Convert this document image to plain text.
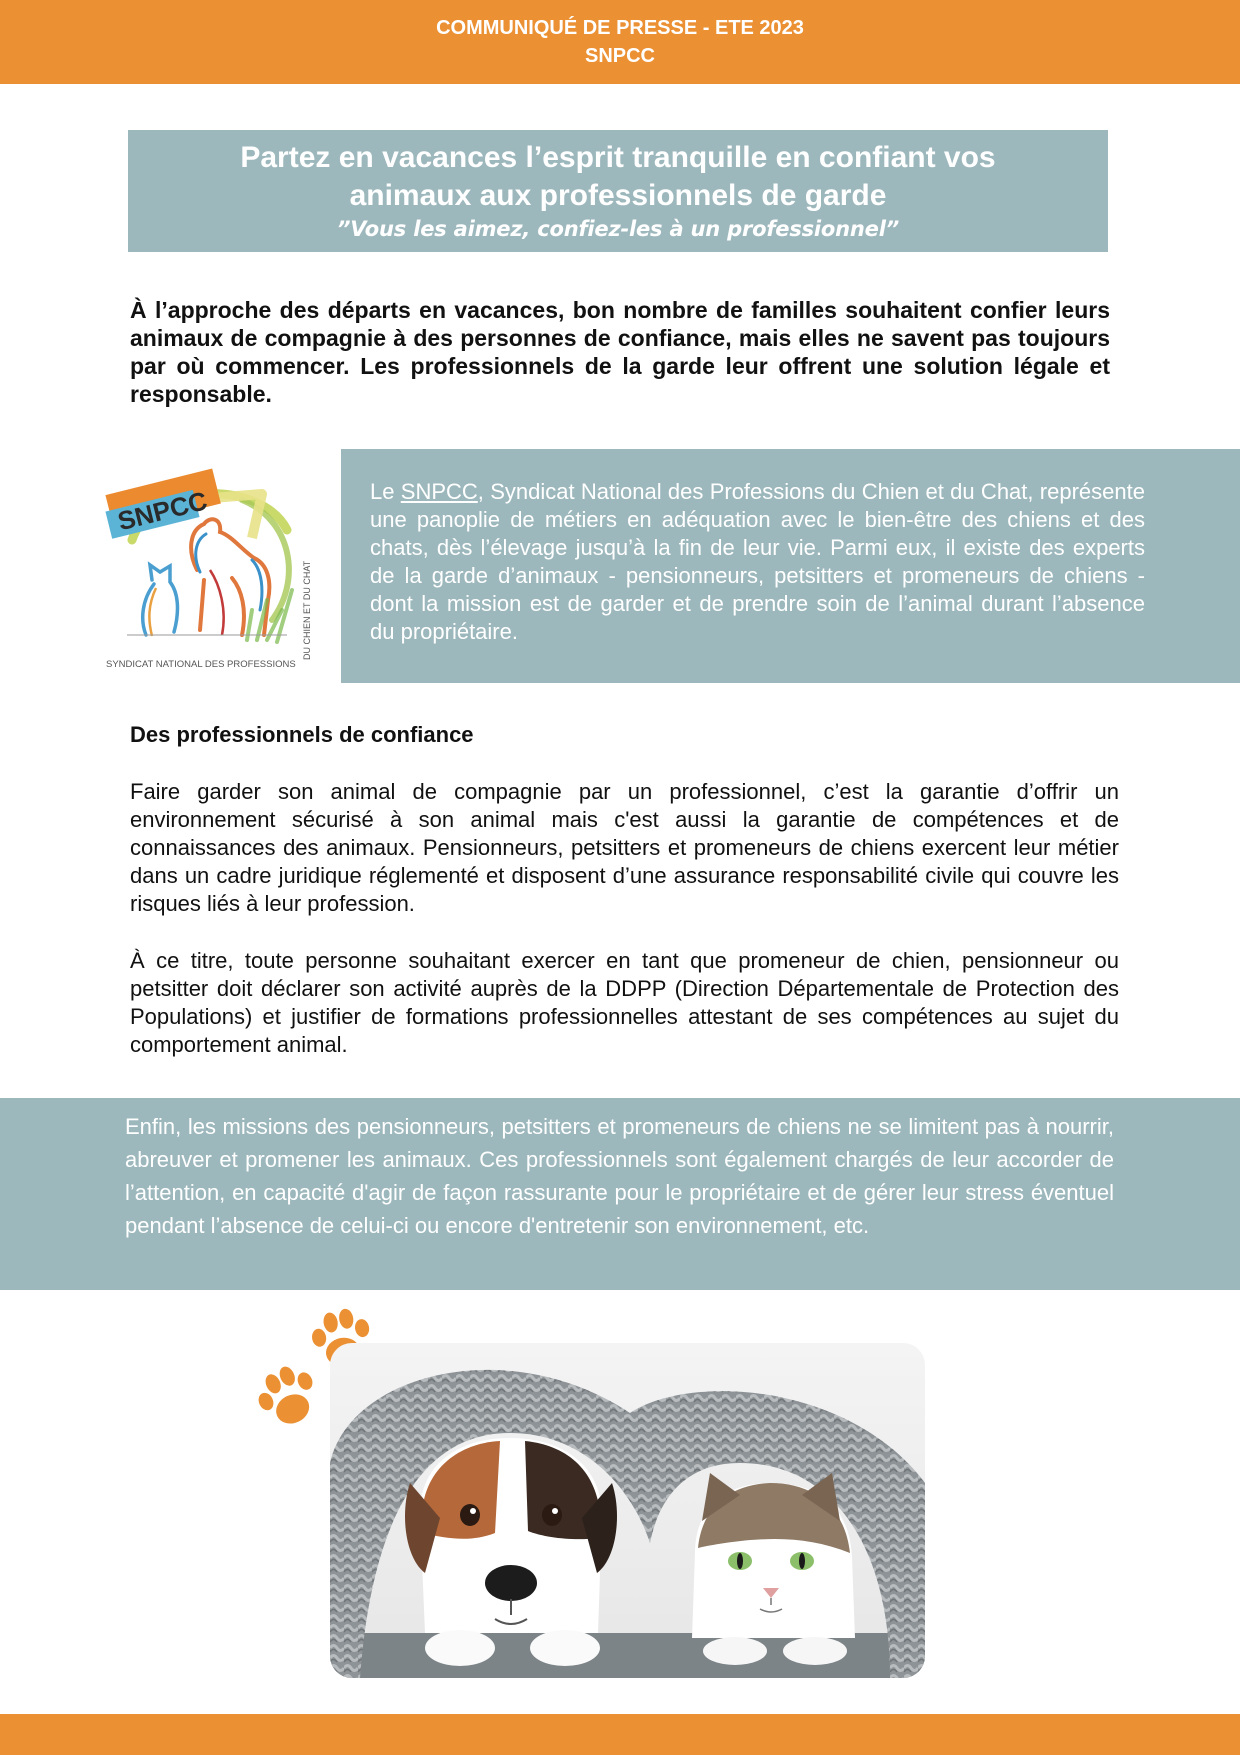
COMMUNIQUÉ DE PRESSE - ETE 2023
SNPCC
Partez en vacances l’esprit tranquille en confiant vos
animaux aux professionnels de garde
”Vous les aimez, confiez-les à un professionnel”
À l’approche des départs en vacances, bon nombre de familles souhaitent confier leurs animaux de compagnie à des personnes de confiance, mais elles ne savent pas toujours par où commencer. Les professionnels de la garde leur offrent une solution légale et responsable.
SNPCC
SYNDICAT NATIONAL DES PROFESSIONS
DU CHIEN ET DU CHAT
Le SNPCC, Syndicat National des Professions du Chien et du Chat, représente une panoplie de métiers en adéquation avec le bien-être des chiens et des chats, dès l’élevage jusqu’à la fin de leur vie. Parmi eux, il existe des experts de la garde d’animaux - pensionneurs, petsitters et promeneurs de chiens - dont la mission est de garder et de prendre soin de l’animal durant l’absence du propriétaire.
Des professionnels de confiance
Faire garder son animal de compagnie par un professionnel, c’est la garantie d’offrir un environnement sécurisé à son animal mais c'est aussi la garantie de compétences et de connaissances des animaux. Pensionneurs, petsitters et promeneurs de chiens exercent leur métier dans un cadre juridique réglementé et disposent d’une assurance responsabilité civile qui couvre les risques liés à leur profession.
À ce titre, toute personne souhaitant exercer en tant que promeneur de chien, pensionneur ou petsitter doit déclarer son activité auprès de la DDPP (Direction Départementale de Protection des Populations) et justifier de formations professionnelles attestant de ses compétences au sujet du comportement animal.
Enfin, les missions des pensionneurs, petsitters et promeneurs de chiens ne se limitent pas à nourrir, abreuver et promener les animaux. Ces professionnels sont également chargés de leur accorder de l’attention, en capacité d'agir de façon rassurante pour le propriétaire et de gérer leur stress éventuel pendant l’absence de celui-ci ou encore d'entretenir son environnement, etc.
